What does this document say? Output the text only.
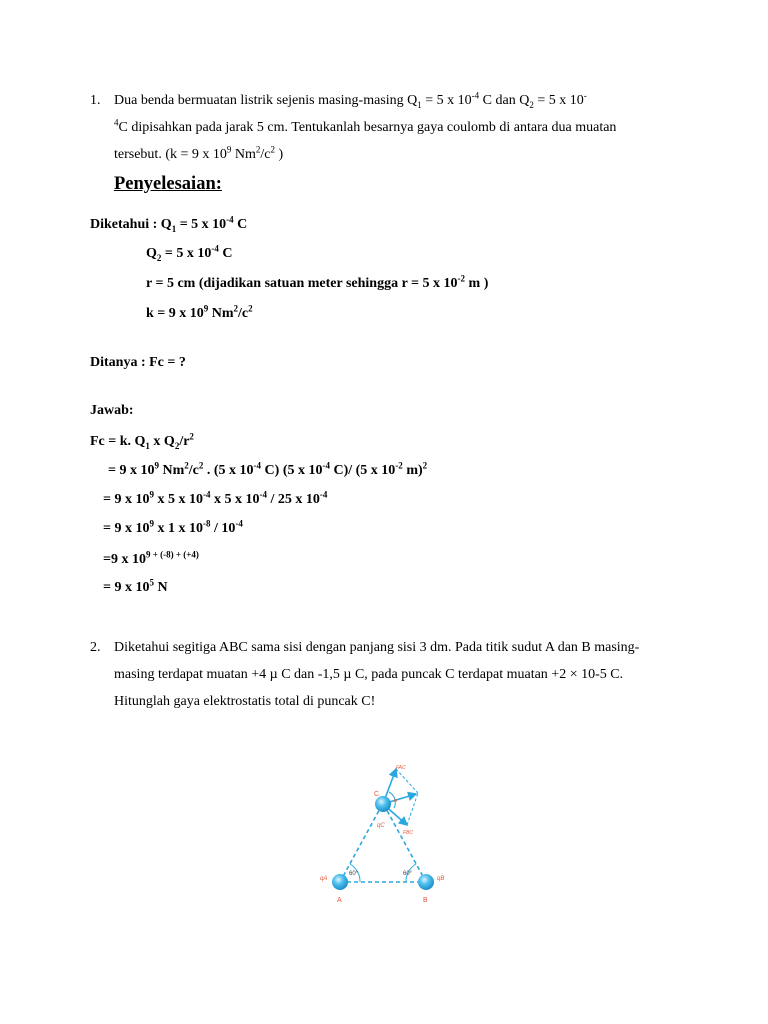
1. Dua benda bermuatan listrik sejenis masing-masing $Q_1 = 5$ x $10^{-4}$ C dan $Q_2 = 5$ x 10-
$^4$C dipisahkan pada jarak 5 cm. Tentukanlah besarnya gaya coulomb di antara dua muatan
tersebut. (k = 9 x $10^9$ $Nm^2/c^2$ )
Penyelesaian:
Diketahui : $Q_1 = 5$ x $10^{-4}$ C
$Q_2 = 5$ x $10^{-4}$ C
r = 5 cm (dijadikan satuan meter sehingga r = 5 x $10^{-2}$ m )
k = 9 x $10^9$ $Nm^2/c^2$
Ditanya : Fc = ?
Jawab:
Fc = k. $Q_1$ x $Q_2/r^2$
= 9 x $10^9$ $Nm^2/c^2$ . (5 x $10^{-4}$ C) (5 x $10^{-4}$ C)/ (5 x $10^{-2}$ m)$^2$
= 9 x $10^9$ x 5 x $10^{-4}$ x 5 x $10^{-4} / 25$ x $10^{-4}$
= 9 x $10^9$ x 1 x $10^{-8} / 10^{-4}$
=9 x $10^{9 + (-8) + (+4)}$
= 9 x $10^5$ N
2. Diketahui segitiga ABC sama sisi dengan panjang sisi 3 dm. Pada titik sudut A dan B masing-
masing terdapat muatan +4 µ C dan -1,5 µ C, pada puncak C terdapat muatan +2 × 10-5 C.
Hitunglah gaya elektrostatis total di puncak C!
A	B
C
qA	qB
qC
60°	60°
FAC
FBC
α
